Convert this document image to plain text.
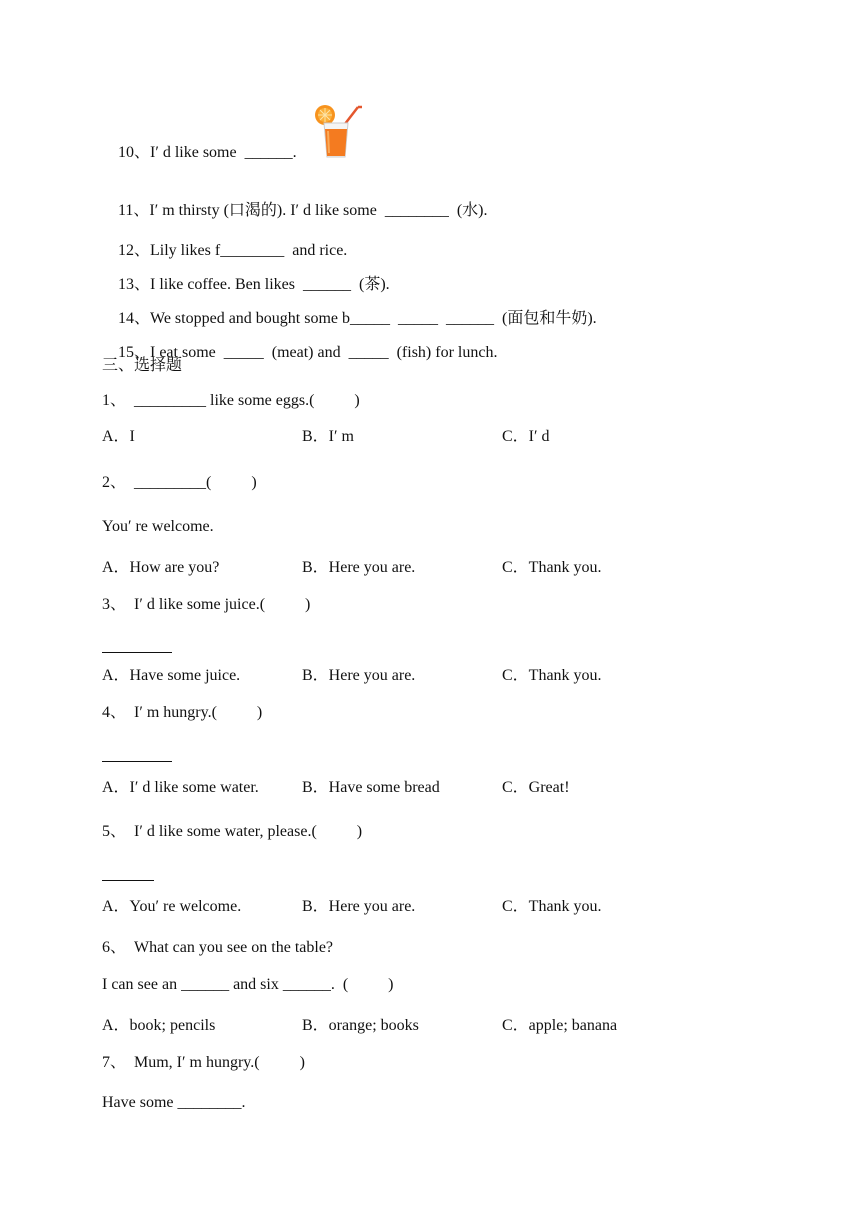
10、I′ d like some  ______.

11、I′ m thirsty (口渴的). I′ d like some  ________  (水).

12、Lily likes f________  and rice.

13、I like coffee. Ben likes  ______  (茶).

14、We stopped and bought some b_____  _____  ______  (面包和牛奶).

15、I eat some  _____  (meat) and  _____  (fish) for lunch.

三、选择题
1、  _________ like some eggs.(          )
A．I	B．I′ m	C．I′ d
2、  _________(          )
You′ re welcome.
A．How are you?	B．Here you are.	C．Thank you.
3、  I′ d like some juice.(          )
A．Have some juice.	B．Here you are.	C．Thank you.
4、  I′ m hungry.(          )
A．I′ d like some water.	B．Have some bread	C．Great!
5、  I′ d like some water, please.(          )
A．You′ re welcome.	B．Here you are.	C．Thank you.
6、  What can you see on the table?
I can see an ______ and six ______.  (          )
A．book; pencils	B．orange; books	C．apple; banana
7、  Mum, I′ m hungry.(          )
Have some ________.
